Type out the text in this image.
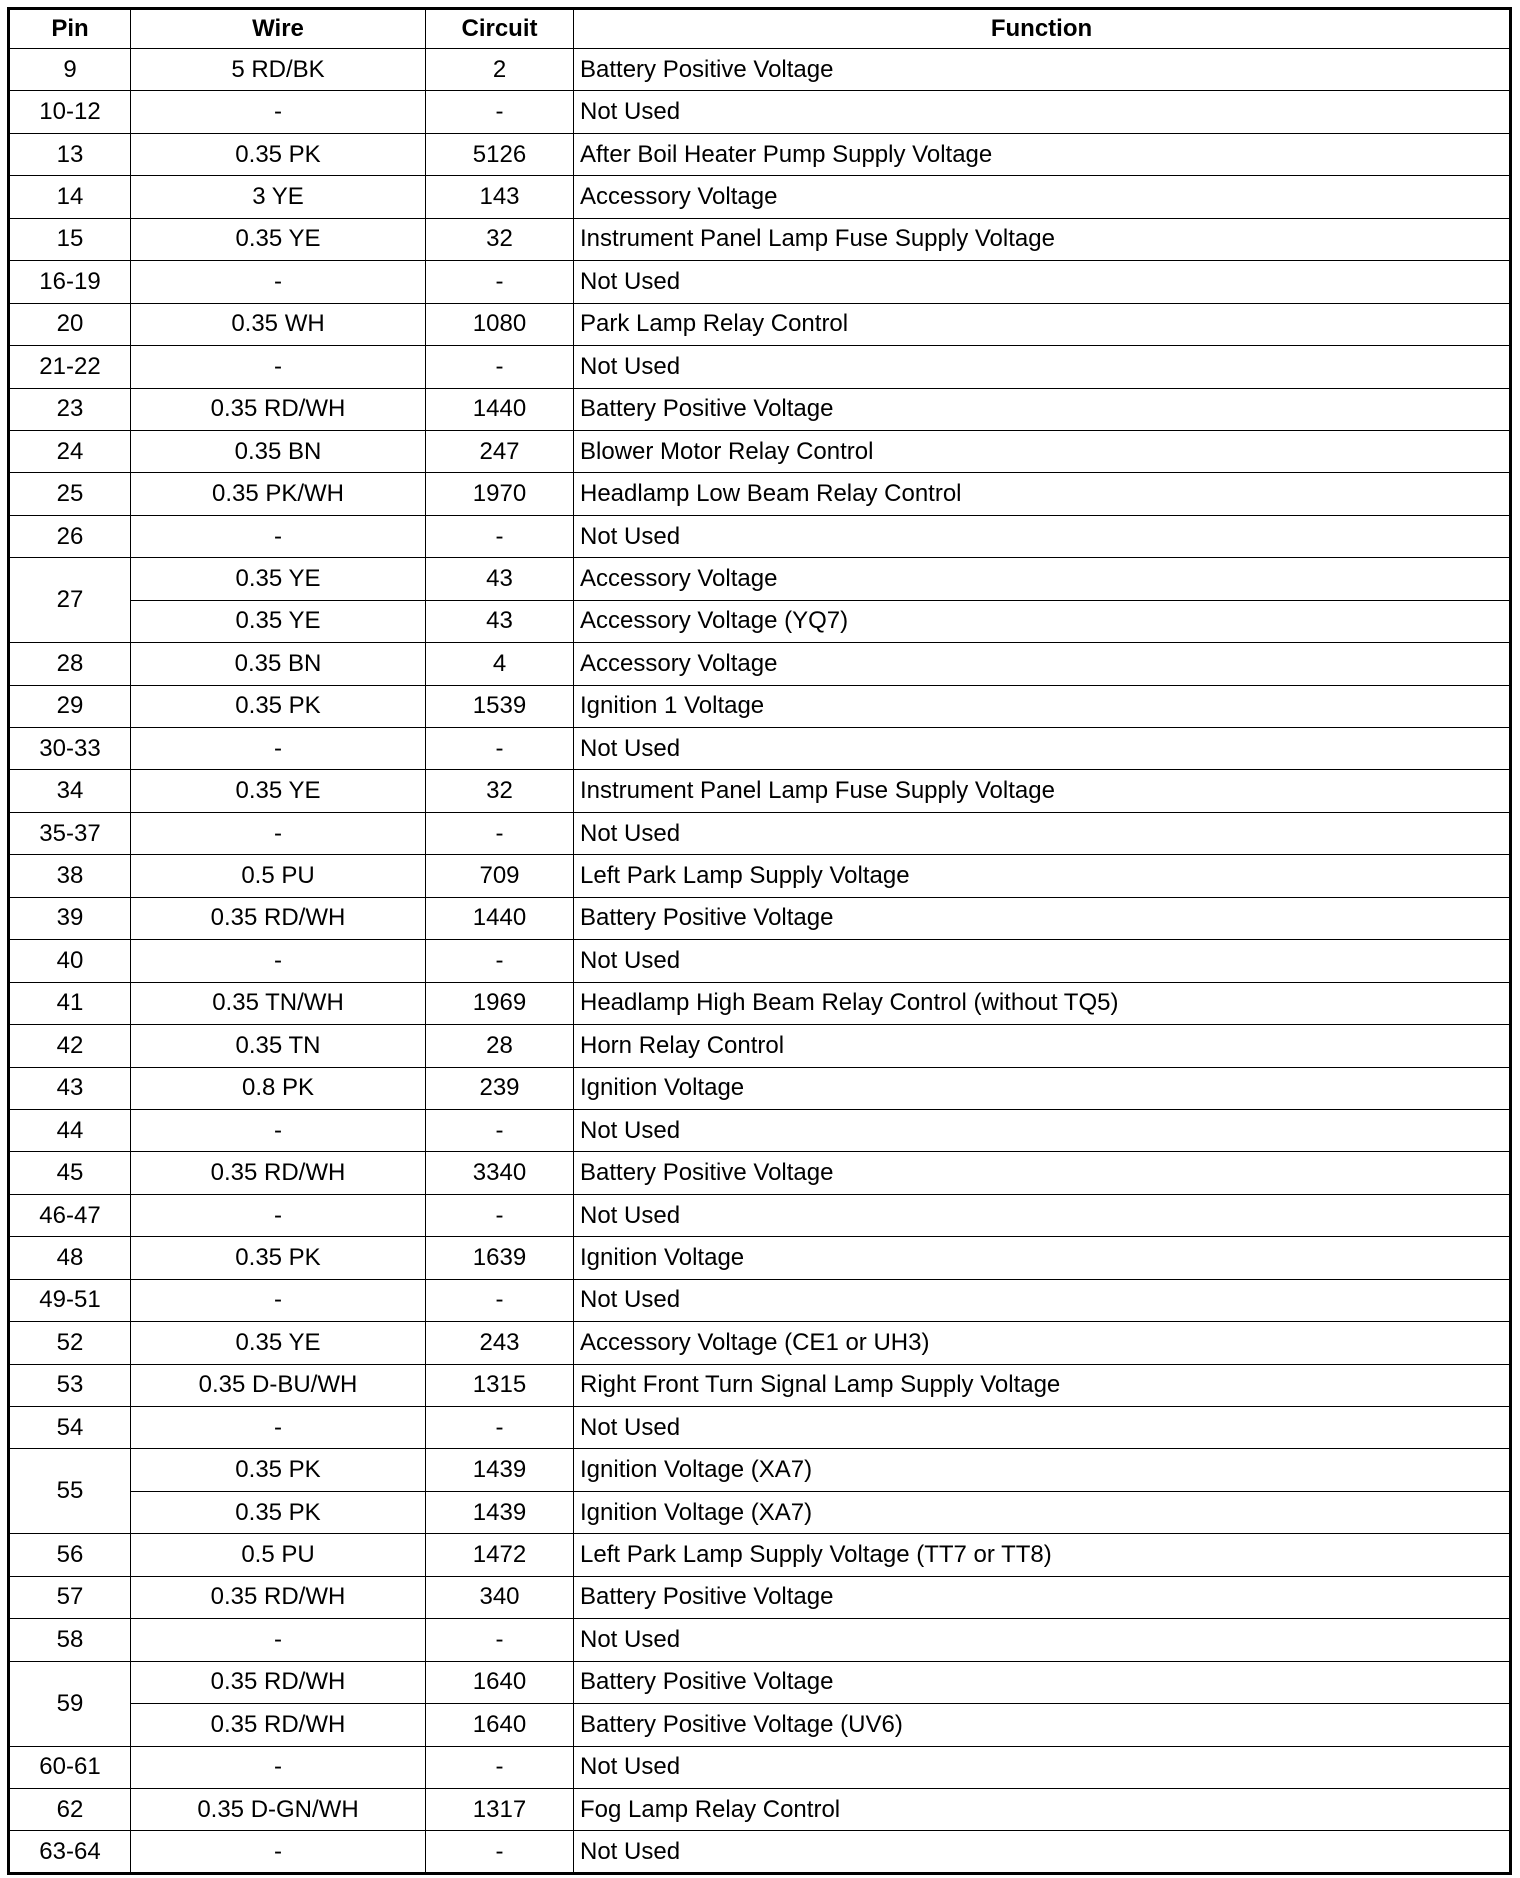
Pin	Wire	Circuit	Function
9	5 RD/BK	2	Battery Positive Voltage
10-12	-	-	Not Used
13	0.35 PK	5126	After Boil Heater Pump Supply Voltage
14	3 YE	143	Accessory Voltage
15	0.35 YE	32	Instrument Panel Lamp Fuse Supply Voltage
16-19	-	-	Not Used
20	0.35 WH	1080	Park Lamp Relay Control
21-22	-	-	Not Used
23	0.35 RD/WH	1440	Battery Positive Voltage
24	0.35 BN	247	Blower Motor Relay Control
25	0.35 PK/WH	1970	Headlamp Low Beam Relay Control
26	-	-	Not Used
27	0.35 YE	43	Accessory Voltage
	0.35 YE	43	Accessory Voltage (YQ7)
28	0.35 BN	4	Accessory Voltage
29	0.35 PK	1539	Ignition 1 Voltage
30-33	-	-	Not Used
34	0.35 YE	32	Instrument Panel Lamp Fuse Supply Voltage
35-37	-	-	Not Used
38	0.5 PU	709	Left Park Lamp Supply Voltage
39	0.35 RD/WH	1440	Battery Positive Voltage
40	-	-	Not Used
41	0.35 TN/WH	1969	Headlamp High Beam Relay Control (without TQ5)
42	0.35 TN	28	Horn Relay Control
43	0.8 PK	239	Ignition Voltage
44	-	-	Not Used
45	0.35 RD/WH	3340	Battery Positive Voltage
46-47	-	-	Not Used
48	0.35 PK	1639	Ignition Voltage
49-51	-	-	Not Used
52	0.35 YE	243	Accessory Voltage (CE1 or UH3)
53	0.35 D-BU/WH	1315	Right Front Turn Signal Lamp Supply Voltage
54	-	-	Not Used
55	0.35 PK	1439	Ignition Voltage (XA7)
	0.35 PK	1439	Ignition Voltage (XA7)
56	0.5 PU	1472	Left Park Lamp Supply Voltage (TT7 or TT8)
57	0.35 RD/WH	340	Battery Positive Voltage
58	-	-	Not Used
59	0.35 RD/WH	1640	Battery Positive Voltage
	0.35 RD/WH	1640	Battery Positive Voltage (UV6)
60-61	-	-	Not Used
62	0.35 D-GN/WH	1317	Fog Lamp Relay Control
63-64	-	-	Not Used
